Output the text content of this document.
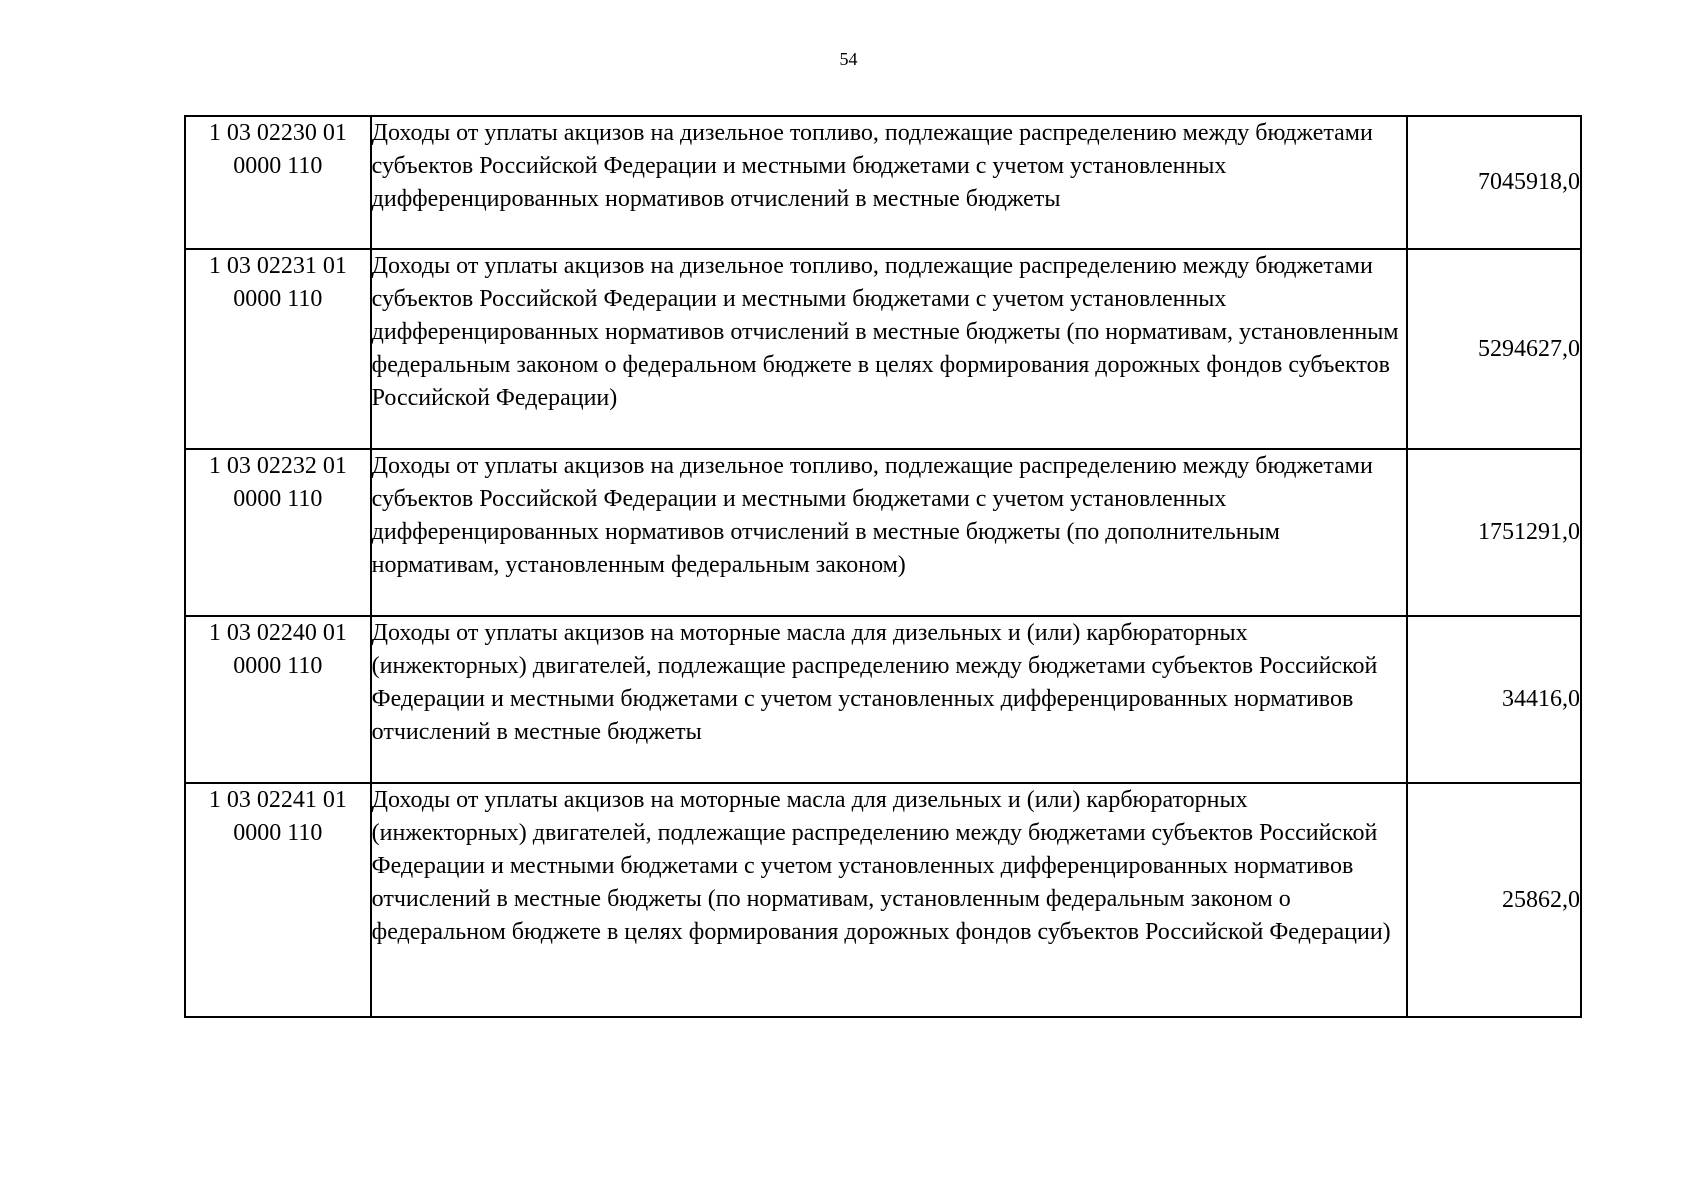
54
1 03 02230 01
0000 110	Доходы от уплаты акцизов на дизельное топливо, подлежащие распределению между бюджетами субъектов Российской Федерации и местными бюджетами с учетом установленных дифференцированных нормативов отчислений в местные бюджеты	7045918,0

1 03 02231 01
0000 110	Доходы от уплаты акцизов на дизельное топливо, подлежащие распределению между бюджетами субъектов Российской Федерации и местными бюджетами с учетом установленных дифференцированных нормативов отчислений в местные бюджеты (по нормативам, установленным федеральным законом о федеральном бюджете в целях формирования дорожных фондов субъектов Российской Федерации)	5294627,0

1 03 02232 01
0000 110	Доходы от уплаты акцизов на дизельное топливо, подлежащие распределению между бюджетами субъектов Российской Федерации и местными бюджетами с учетом установленных дифференцированных нормативов отчислений в местные бюджеты (по дополнительным нормативам, установленным федеральным законом)	1751291,0

1 03 02240 01
0000 110	Доходы от уплаты акцизов на моторные масла для дизельных и (или) карбюраторных (инжекторных) двигателей, подлежащие распределению между бюджетами субъектов Российской Федерации и местными бюджетами с учетом установленных дифференцированных нормативов отчислений в местные бюджеты	34416,0

1 03 02241 01
0000 110	Доходы от уплаты акцизов на моторные масла для дизельных и (или) карбюраторных (инжекторных) двигателей, подлежащие распределению между бюджетами субъектов Российской Федерации и местными бюджетами с учетом установленных дифференцированных нормативов отчислений в местные бюджеты (по нормативам, установленным федеральным законом о федеральном бюджете в целях формирования дорожных фондов субъектов Российской Федерации)	25862,0
